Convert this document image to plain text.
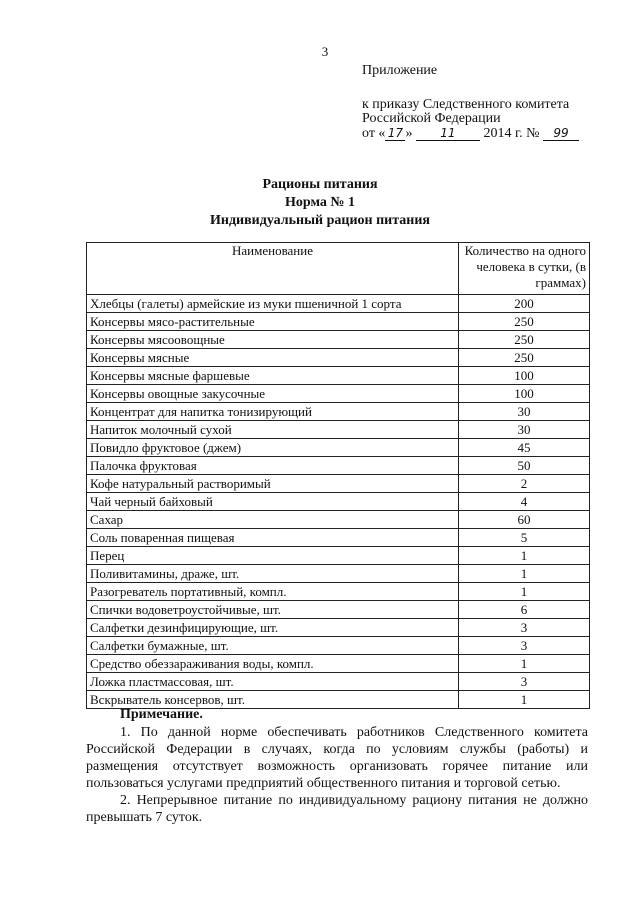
3
Приложение
к приказу Следственного комитета
Российской Федерации
от « 17 » 11 2014 г. № 99
Рационы питания
Норма № 1
Индивидуальный рацион питания
Наименование	Количество на одного человека в сутки, (в граммах)
Хлебцы (галеты) армейские из муки пшеничной 1 сорта	200
Консервы мясо-растительные	250
Консервы мясоовощные	250
Консервы мясные	250
Консервы мясные фаршевые	100
Консервы овощные закусочные	100
Концентрат для напитка тонизирующий	30
Напиток молочный сухой	30
Повидло фруктовое (джем)	45
Палочка фруктовая	50
Кофе натуральный растворимый	2
Чай черный байховый	4
Сахар	60
Соль поваренная пищевая	5
Перец	1
Поливитамины, драже, шт.	1
Разогреватель портативный, компл.	1
Спички водоветроустойчивые, шт.	6
Салфетки дезинфицирующие, шт.	3
Салфетки бумажные, шт.	3
Средство обеззараживания воды, компл.	1
Ложка пластмассовая, шт.	3
Вскрыватель консервов, шт.	1
Примечание.

1. По данной норме обеспечивать работников Следственного комитета Российской Федерации в случаях, когда по условиям службы (работы) и размещения отсутствует возможность организовать горячее питание или пользоваться услугами предприятий общественного питания и торговой сетью.

2. Непрерывное питание по индивидуальному рациону питания не должно превышать 7 суток.
